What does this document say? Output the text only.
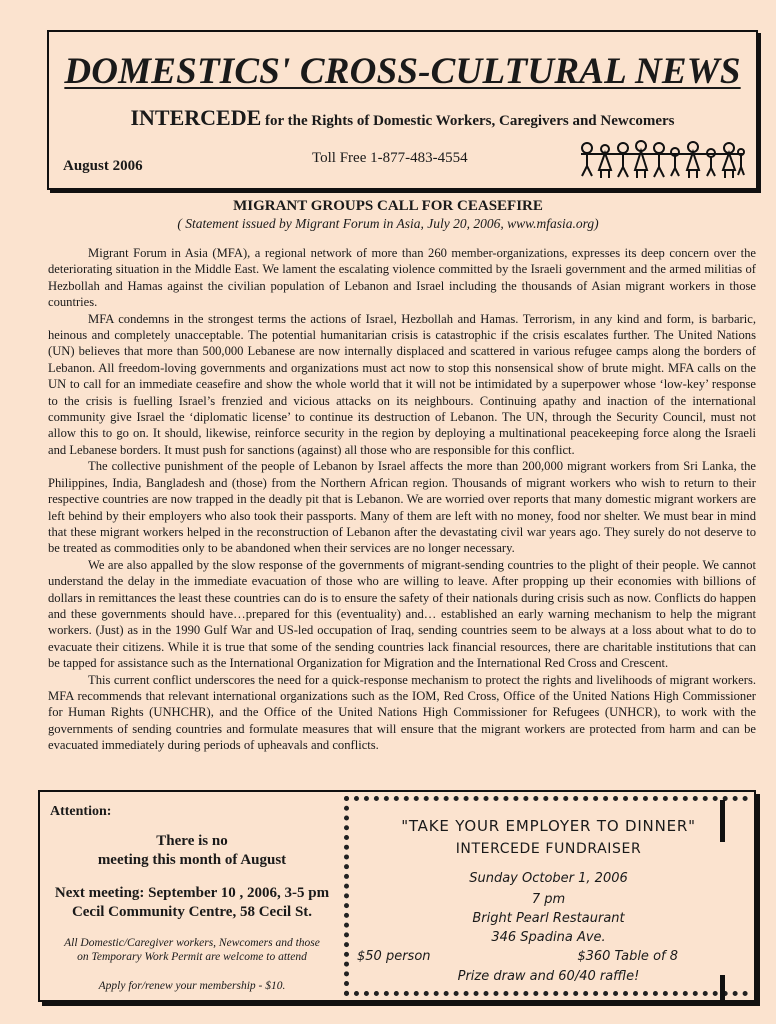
DOMESTICS' CROSS-CULTURAL NEWS
INTERCEDE for the Rights of Domestic Workers, Caregivers and Newcomers
August 2006	Toll Free 1-877-483-4554
MIGRANT GROUPS CALL FOR CEASEFIRE
( Statement issued by Migrant Forum in Asia, July 20, 2006, www.mfasia.org)

Migrant Forum in Asia (MFA), a regional network of more than 260 member-organizations, expresses its deep concern over the deteriorating situation in the Middle East. We lament the escalating violence committed by the Israeli government and the armed militias of Hezbollah and Hamas against the civilian population of Lebanon and Israel including the thousands of Asian migrant workers in those countries.

MFA condemns in the strongest terms the actions of Israel, Hezbollah and Hamas. Terrorism, in any kind and form, is barbaric, heinous and completely unacceptable. The potential humanitarian crisis is catastrophic if the crisis escalates further. The United Nations (UN) believes that more than 500,000 Lebanese are now internally displaced and scattered in various refugee camps along the borders of Lebanon. All freedom-loving governments and organizations must act now to stop this nonsensical show of brute might. MFA calls on the UN to call for an immediate ceasefire and show the whole world that it will not be intimidated by a superpower whose ‘low-key’ response to the crisis is fuelling Israel’s frenzied and vicious attacks on its neighbours. Continuing apathy and inaction of the international community give Israel the ‘diplomatic license’ to continue its destruction of Lebanon. The UN, through the Security Council, must not allow this to go on. It should, likewise, reinforce security in the region by deploying a multinational peacekeeping force along the Israeli and Lebanese borders. It must push for sanctions (against) all those who are responsible for this conflict.

The collective punishment of the people of Lebanon by Israel affects the more than 200,000 migrant workers from Sri Lanka, the Philippines, India, Bangladesh and (those) from the Northern African region. Thousands of migrant workers who wish to return to their respective countries are now trapped in the deadly pit that is Lebanon. We are worried over reports that many domestic migrant workers are left behind by their employers who also took their passports. Many of them are left with no money, food nor shelter. We must bear in mind that these migrant workers helped in the reconstruction of Lebanon after the devastating civil war years ago. They surely do not deserve to be treated as commodities only to be abandoned when their services are no longer necessary.

We are also appalled by the slow response of the governments of migrant-sending countries to the plight of their people. We cannot understand the delay in the immediate evacuation of those who are willing to leave. After propping up their economies with billions of dollars in remittances the least these countries can do is to ensure the safety of their nationals during crisis such as now. Conflicts do happen and these governments should have…prepared for this (eventuality) and… established an early warning mechanism to help the migrant workers. (Just) as in the 1990 Gulf War and US-led occupation of Iraq, sending countries seem to be always at a loss about what to do to evacuate their citizens. While it is true that some of the sending countries lack financial resources, there are charitable institutions that can be tapped for assistance such as the International Organization for Migration and the International Red Cross and Crescent.

This current conflict underscores the need for a quick-response mechanism to protect the rights and livelihoods of migrant workers. MFA recommends that relevant international organizations such as the IOM, Red Cross, Office of the United Nations High Commissioner for Human Rights (UNHCHR), and the Office of the United Nations High Commissioner for Refugees (UNHCR), to work with the governments of sending countries and formulate measures that will ensure that the migrant workers are protected from harm and can be evacuated immediately during periods of upheavals and conflicts.

Attention:
There is no
meeting this month of August
Next meeting: September 10 , 2006, 3-5 pm
Cecil Community Centre, 58 Cecil St.
All Domestic/Caregiver workers, Newcomers and those
on Temporary Work Permit are welcome to attend
Apply for/renew your membership - $10.
"TAKE YOUR EMPLOYER TO DINNER"
INTERCEDE FUNDRAISER
Sunday October 1, 2006
7 pm
Bright Pearl Restaurant
346 Spadina Ave.
$50 person	$360 Table of 8
Prize draw and 60/40 raffle!
